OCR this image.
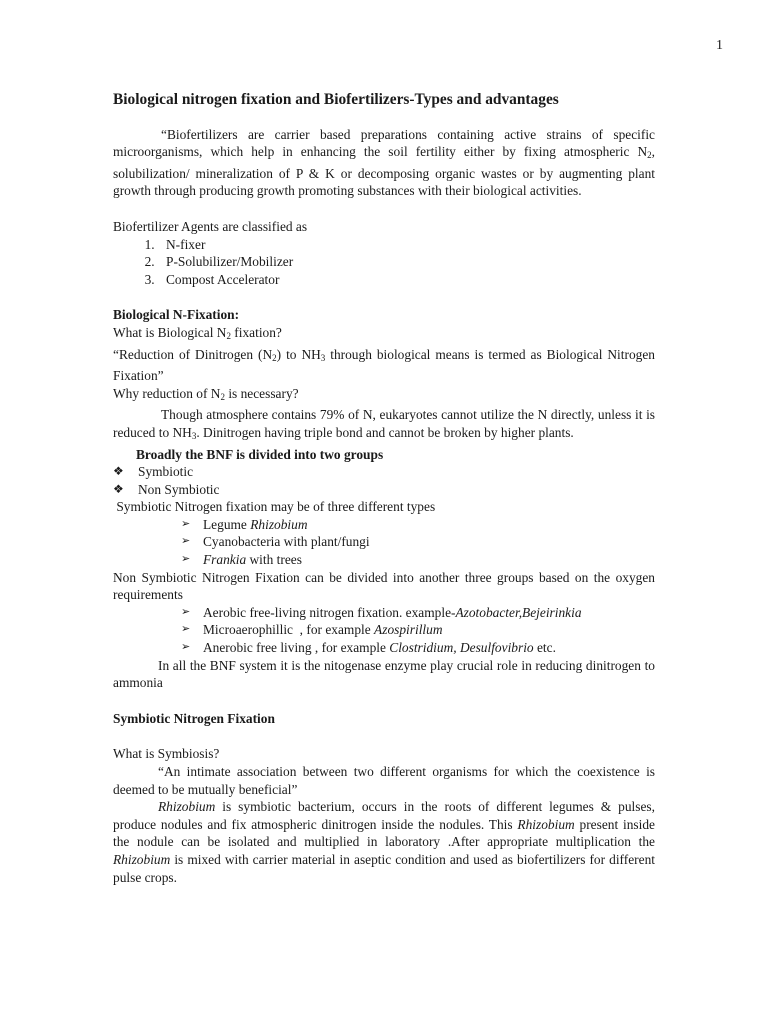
1
Biological nitrogen fixation and Biofertilizers-Types and advantages

“Biofertilizers are carrier based preparations containing active strains of specific microorganisms, which help in enhancing the soil fertility either by fixing atmospheric $N_2$, solubilization/ mineralization of P & K or decomposing organic wastes or by augmenting plant growth through producing growth promoting substances with their biological activities.

Biofertilizer Agents are classified as

1. N-fixer
2. P-Solubilizer/Mobilizer
3. Compost Accelerator

Biological N-Fixation:

What is Biological $N_2$ fixation?

“Reduction of Dinitrogen $(N_2)$ to $NH_3$ through biological means is termed as Biological Nitrogen Fixation”

Why reduction of $N_2$ is necessary?

Though atmosphere contains 79% of N, eukaryotes cannot utilize the N directly, unless it is reduced to $NH_3$. Dinitrogen having triple bond and cannot be broken by higher plants.

Broadly the BNF is divided into two groups

❖ Symbiotic
❖ Non Symbiotic

Symbiotic Nitrogen fixation may be of three different types

➢ Legume Rhizobium
➢ Cyanobacteria with plant/fungi
➢ Frankia with trees

Non Symbiotic Nitrogen Fixation can be divided into another three groups based on the oxygen requirements

➢ Aerobic free-living nitrogen fixation. example-Azotobacter,Bejeirinkia
➢ Microaerophillic  , for example Azospirillum
➢ Anerobic free living , for example Clostridium, Desulfovibrio etc.

In all the BNF system it is the nitogenase enzyme play crucial role in reducing dinitrogen to ammonia

Symbiotic Nitrogen Fixation

What is Symbiosis?

“An intimate association between two different organisms for which the coexistence is deemed to be mutually beneficial”

Rhizobium is symbiotic bacterium, occurs in the roots of different legumes & pulses, produce nodules and fix atmospheric dinitrogen inside the nodules. This Rhizobium present inside the nodule can be isolated and multiplied in laboratory .After appropriate multiplication the Rhizobium is mixed with carrier material in aseptic condition and used as biofertilizers for different pulse crops.
